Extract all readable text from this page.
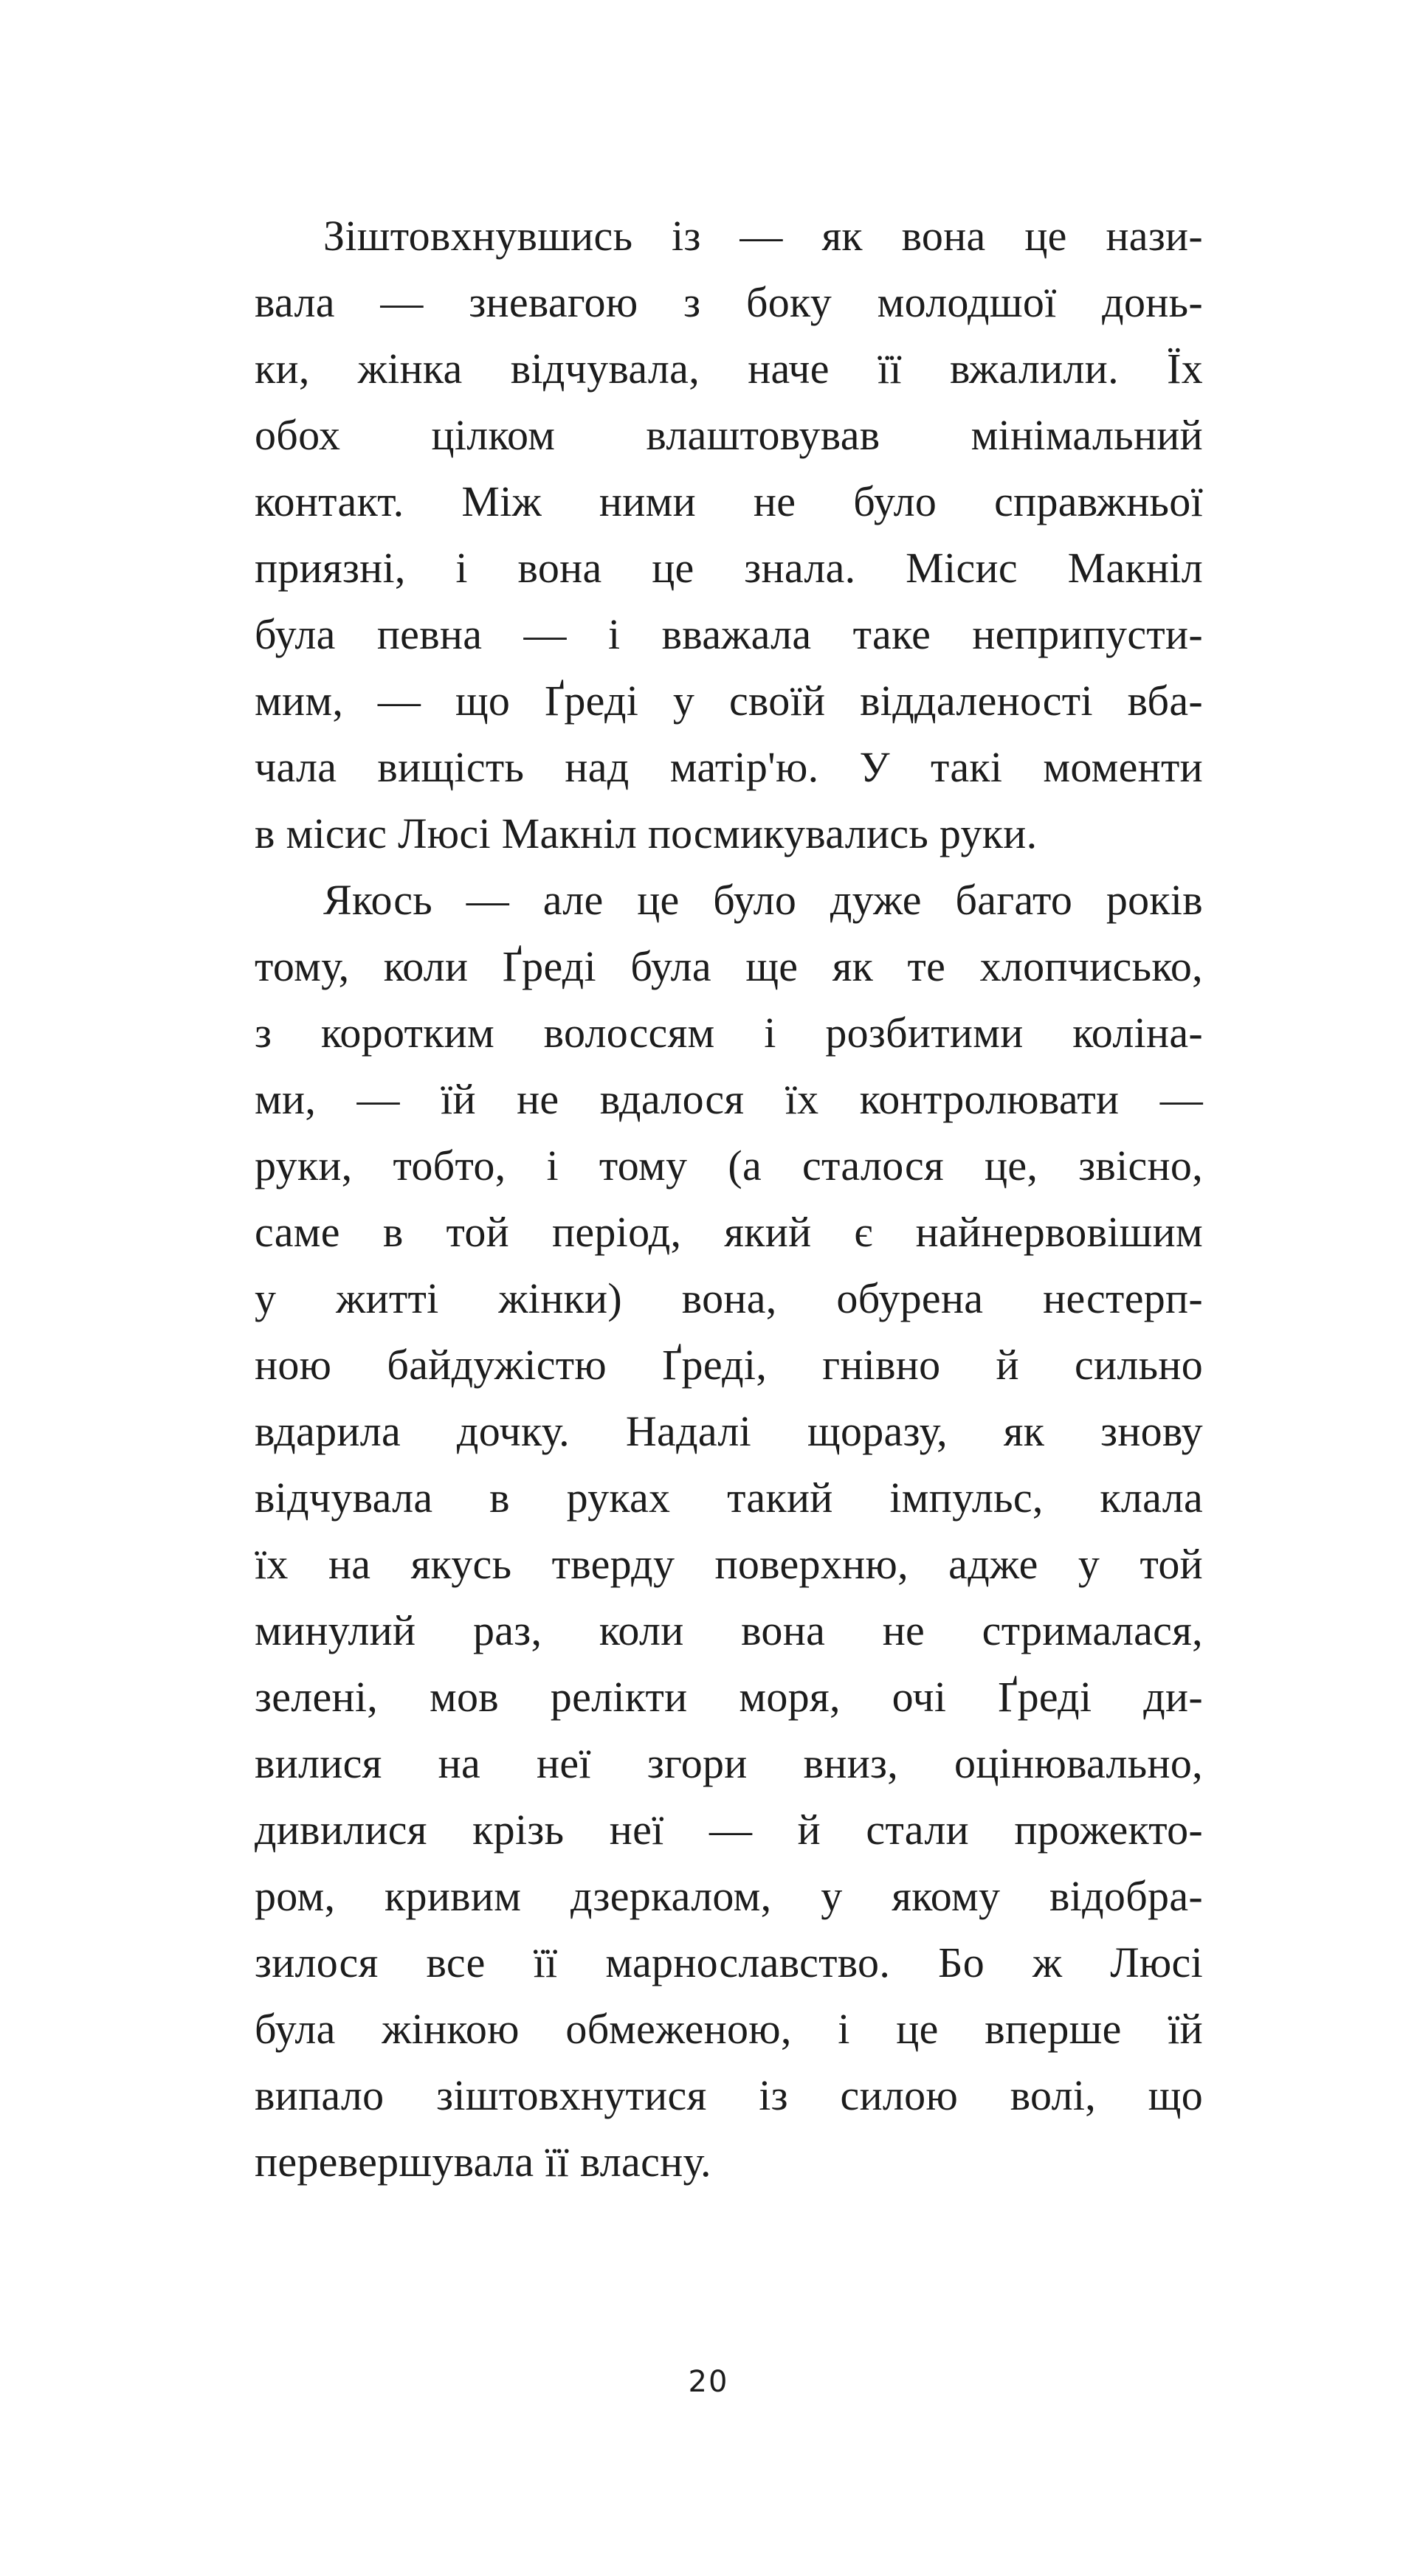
Зіштовхнувшись із — як вона це нази-
вала — зневагою з боку молодшої донь-
ки, жінка відчувала, наче її вжалили. Їх
обох цілком влаштовував мінімальний
контакт. Між ними не було справжньої
приязні, і вона це знала. Місис Макніл
була певна — і вважала таке неприпусти-
мим, — що Ґреді у своїй віддаленості вба-
чала вищість над матір'ю. У такі моменти
в місис Люсі Макніл посмикувались руки.
Якось — але це було дуже багато років
тому, коли Ґреді була ще як те хлопчисько,
з коротким волоссям і розбитими коліна-
ми, — їй не вдалося їх контролювати —
руки, тобто, і тому (а сталося це, звісно,
саме в той період, який є найнервовішим
у житті жінки) вона, обурена нестерп-
ною байдужістю Ґреді, гнівно й сильно
вдарила дочку. Надалі щоразу, як знову
відчувала в руках такий імпульс, клала
їх на якусь тверду поверхню, адже у той
минулий раз, коли вона не стрималася,
зелені, мов релікти моря, очі Ґреді ди-
вилися на неї згори вниз, оцінювально,
дивилися крізь неї — й стали прожекто-
ром, кривим дзеркалом, у якому відобра-
зилося все її марнославство. Бо ж Люсі
була жінкою обмеженою, і це вперше їй
випало зіштовхнутися із силою волі, що
перевершувала її власну.
20
